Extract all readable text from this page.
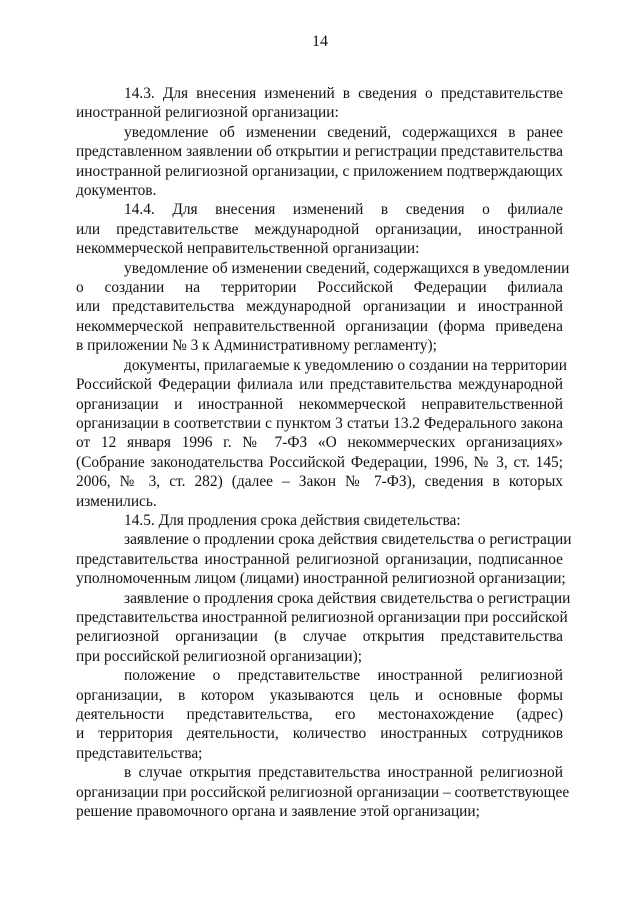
14
14.3. Для внесения изменений в сведения о представительстве
иностранной религиозной организации:
уведомление об изменении сведений, содержащихся в ранее
представленном заявлении об открытии и регистрации представительства
иностранной религиозной организации, с приложением подтверждающих
документов.
14.4. Для внесения изменений в сведения о филиале
или представительстве международной организации, иностранной
некоммерческой неправительственной организации:
уведомление об изменении сведений, содержащихся в уведомлении
о создании на территории Российской Федерации филиала
или представительства международной организации и иностранной
некоммерческой неправительственной организации (форма приведена
в приложении № 3 к Административному регламенту);
документы, прилагаемые к уведомлению о создании на территории
Российской Федерации филиала или представительства международной
организации и иностранной некоммерческой неправительственной
организации в соответствии с пунктом 3 статьи 13.2 Федерального закона
от 12 января 1996 г. № 7-ФЗ «О некоммерческих организациях»
(Собрание законодательства Российской Федерации, 1996, № 3, ст. 145;
2006, № 3, ст. 282) (далее – Закон № 7-ФЗ), сведения в которых
изменились.
14.5. Для продления срока действия свидетельства:
заявление о продлении срока действия свидетельства о регистрации
представительства иностранной религиозной организации, подписанное
уполномоченным лицом (лицами) иностранной религиозной организации;
заявление о продления срока действия свидетельства о регистрации
представительства иностранной религиозной организации при российской
религиозной организации (в случае открытия представительства
при российской религиозной организации);
положение о представительстве иностранной религиозной
организации, в котором указываются цель и основные формы
деятельности представительства, его местонахождение (адрес)
и территория деятельности, количество иностранных сотрудников
представительства;
в случае открытия представительства иностранной религиозной
организации при российской религиозной организации – соответствующее
решение правомочного органа и заявление этой организации;
